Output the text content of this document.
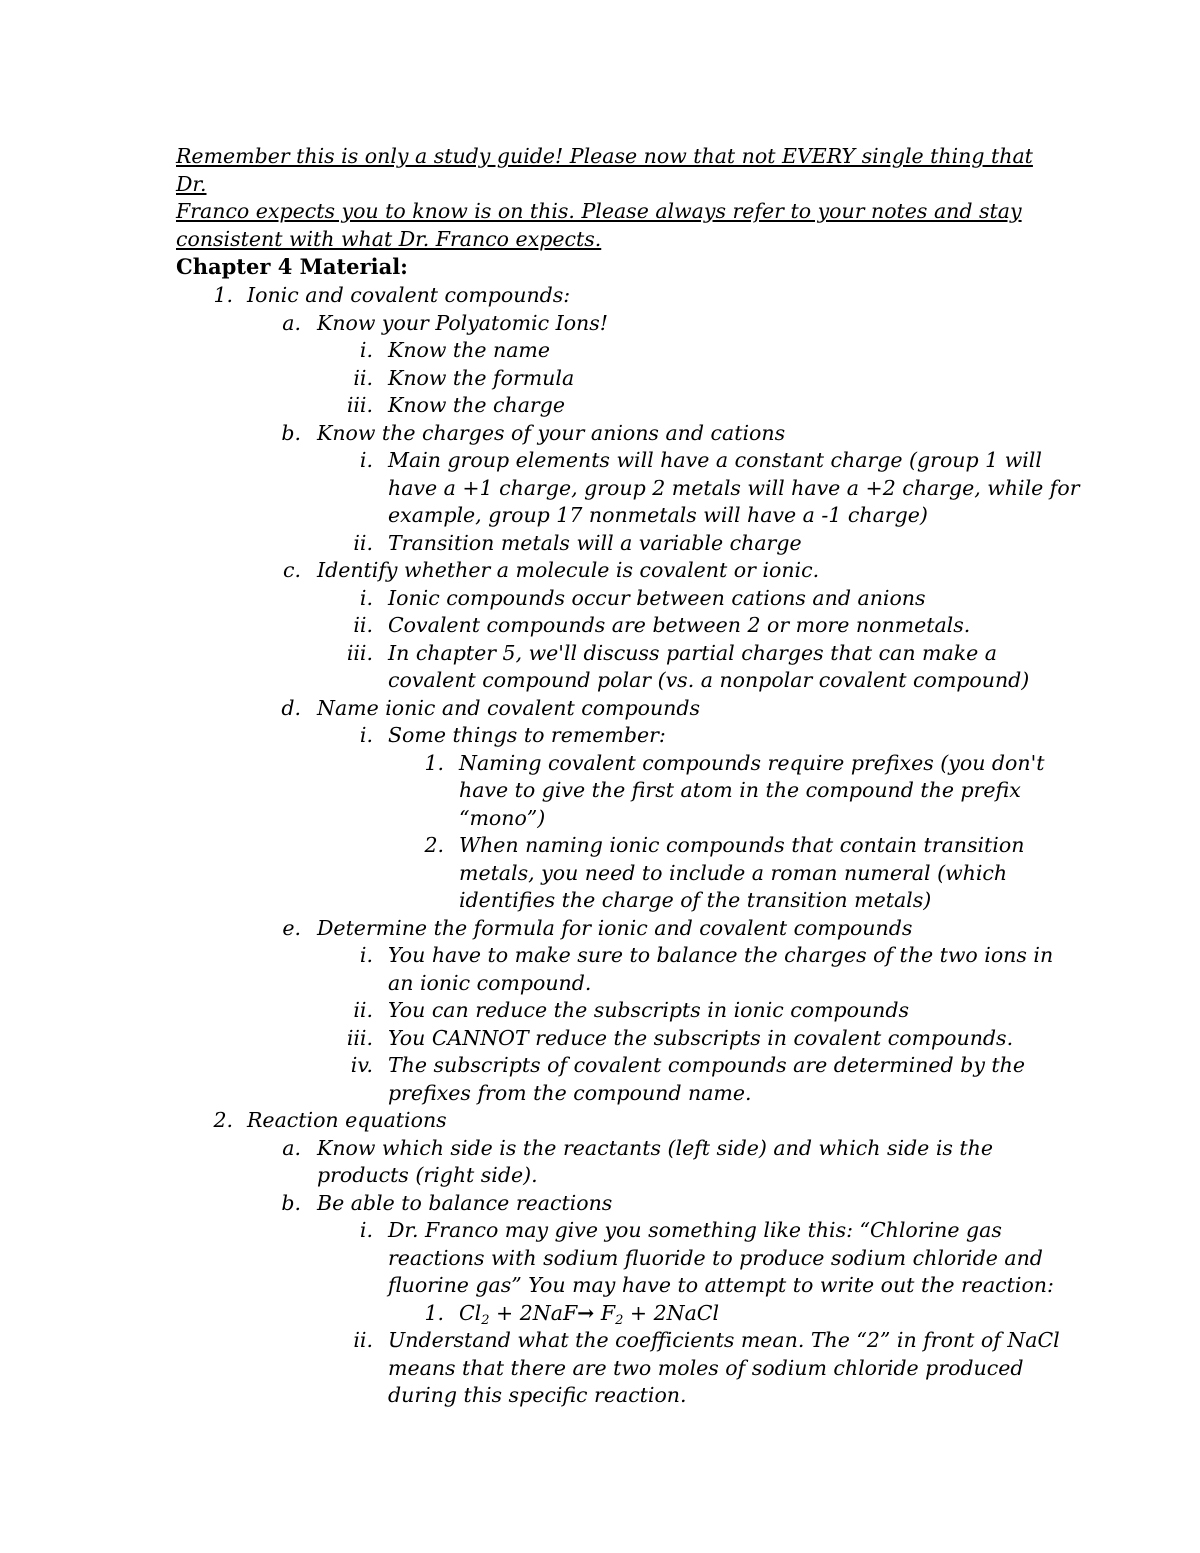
Remember this is only a study guide! Please now that not EVERY single thing that Dr.
Franco expects you to know is on this. Please always refer to your notes and stay
consistent with what Dr. Franco expects.
Chapter 4 Material:
1. Ionic and covalent compounds:
a. Know your Polyatomic Ions!
i. Know the name
ii. Know the formula
iii. Know the charge
b. Know the charges of your anions and cations
i. Main group elements will have a constant charge (group 1 will
have a +1 charge, group 2 metals will have a +2 charge, while for
example, group 17 nonmetals will have a -1 charge)
ii. Transition metals will a variable charge
c. Identify whether a molecule is covalent or ionic.
i. Ionic compounds occur between cations and anions
ii. Covalent compounds are between 2 or more nonmetals.
iii. In chapter 5, we'll discuss partial charges that can make a
covalent compound polar (vs. a nonpolar covalent compound)
d. Name ionic and covalent compounds
i. Some things to remember:
1. Naming covalent compounds require prefixes (you don't
have to give the first atom in the compound the prefix
“mono”)
2. When naming ionic compounds that contain transition
metals, you need to include a roman numeral (which
identifies the charge of the transition metals)
e. Determine the formula for ionic and covalent compounds
i. You have to make sure to balance the charges of the two ions in
an ionic compound.
ii. You can reduce the subscripts in ionic compounds
iii. You CANNOT reduce the subscripts in covalent compounds.
iv. The subscripts of covalent compounds are determined by the
prefixes from the compound name.
2. Reaction equations
a. Know which side is the reactants (left side) and which side is the
products (right side).
b. Be able to balance reactions
i. Dr. Franco may give you something like this: “Chlorine gas
reactions with sodium fluoride to produce sodium chloride and
fluorine gas” You may have to attempt to write out the reaction:
1. $Cl_2 + 2NaF\to F_2$ + 2NaCl
ii. Understand what the coefficients mean. The “2” in front of NaCl
means that there are two moles of sodium chloride produced
during this specific reaction.
